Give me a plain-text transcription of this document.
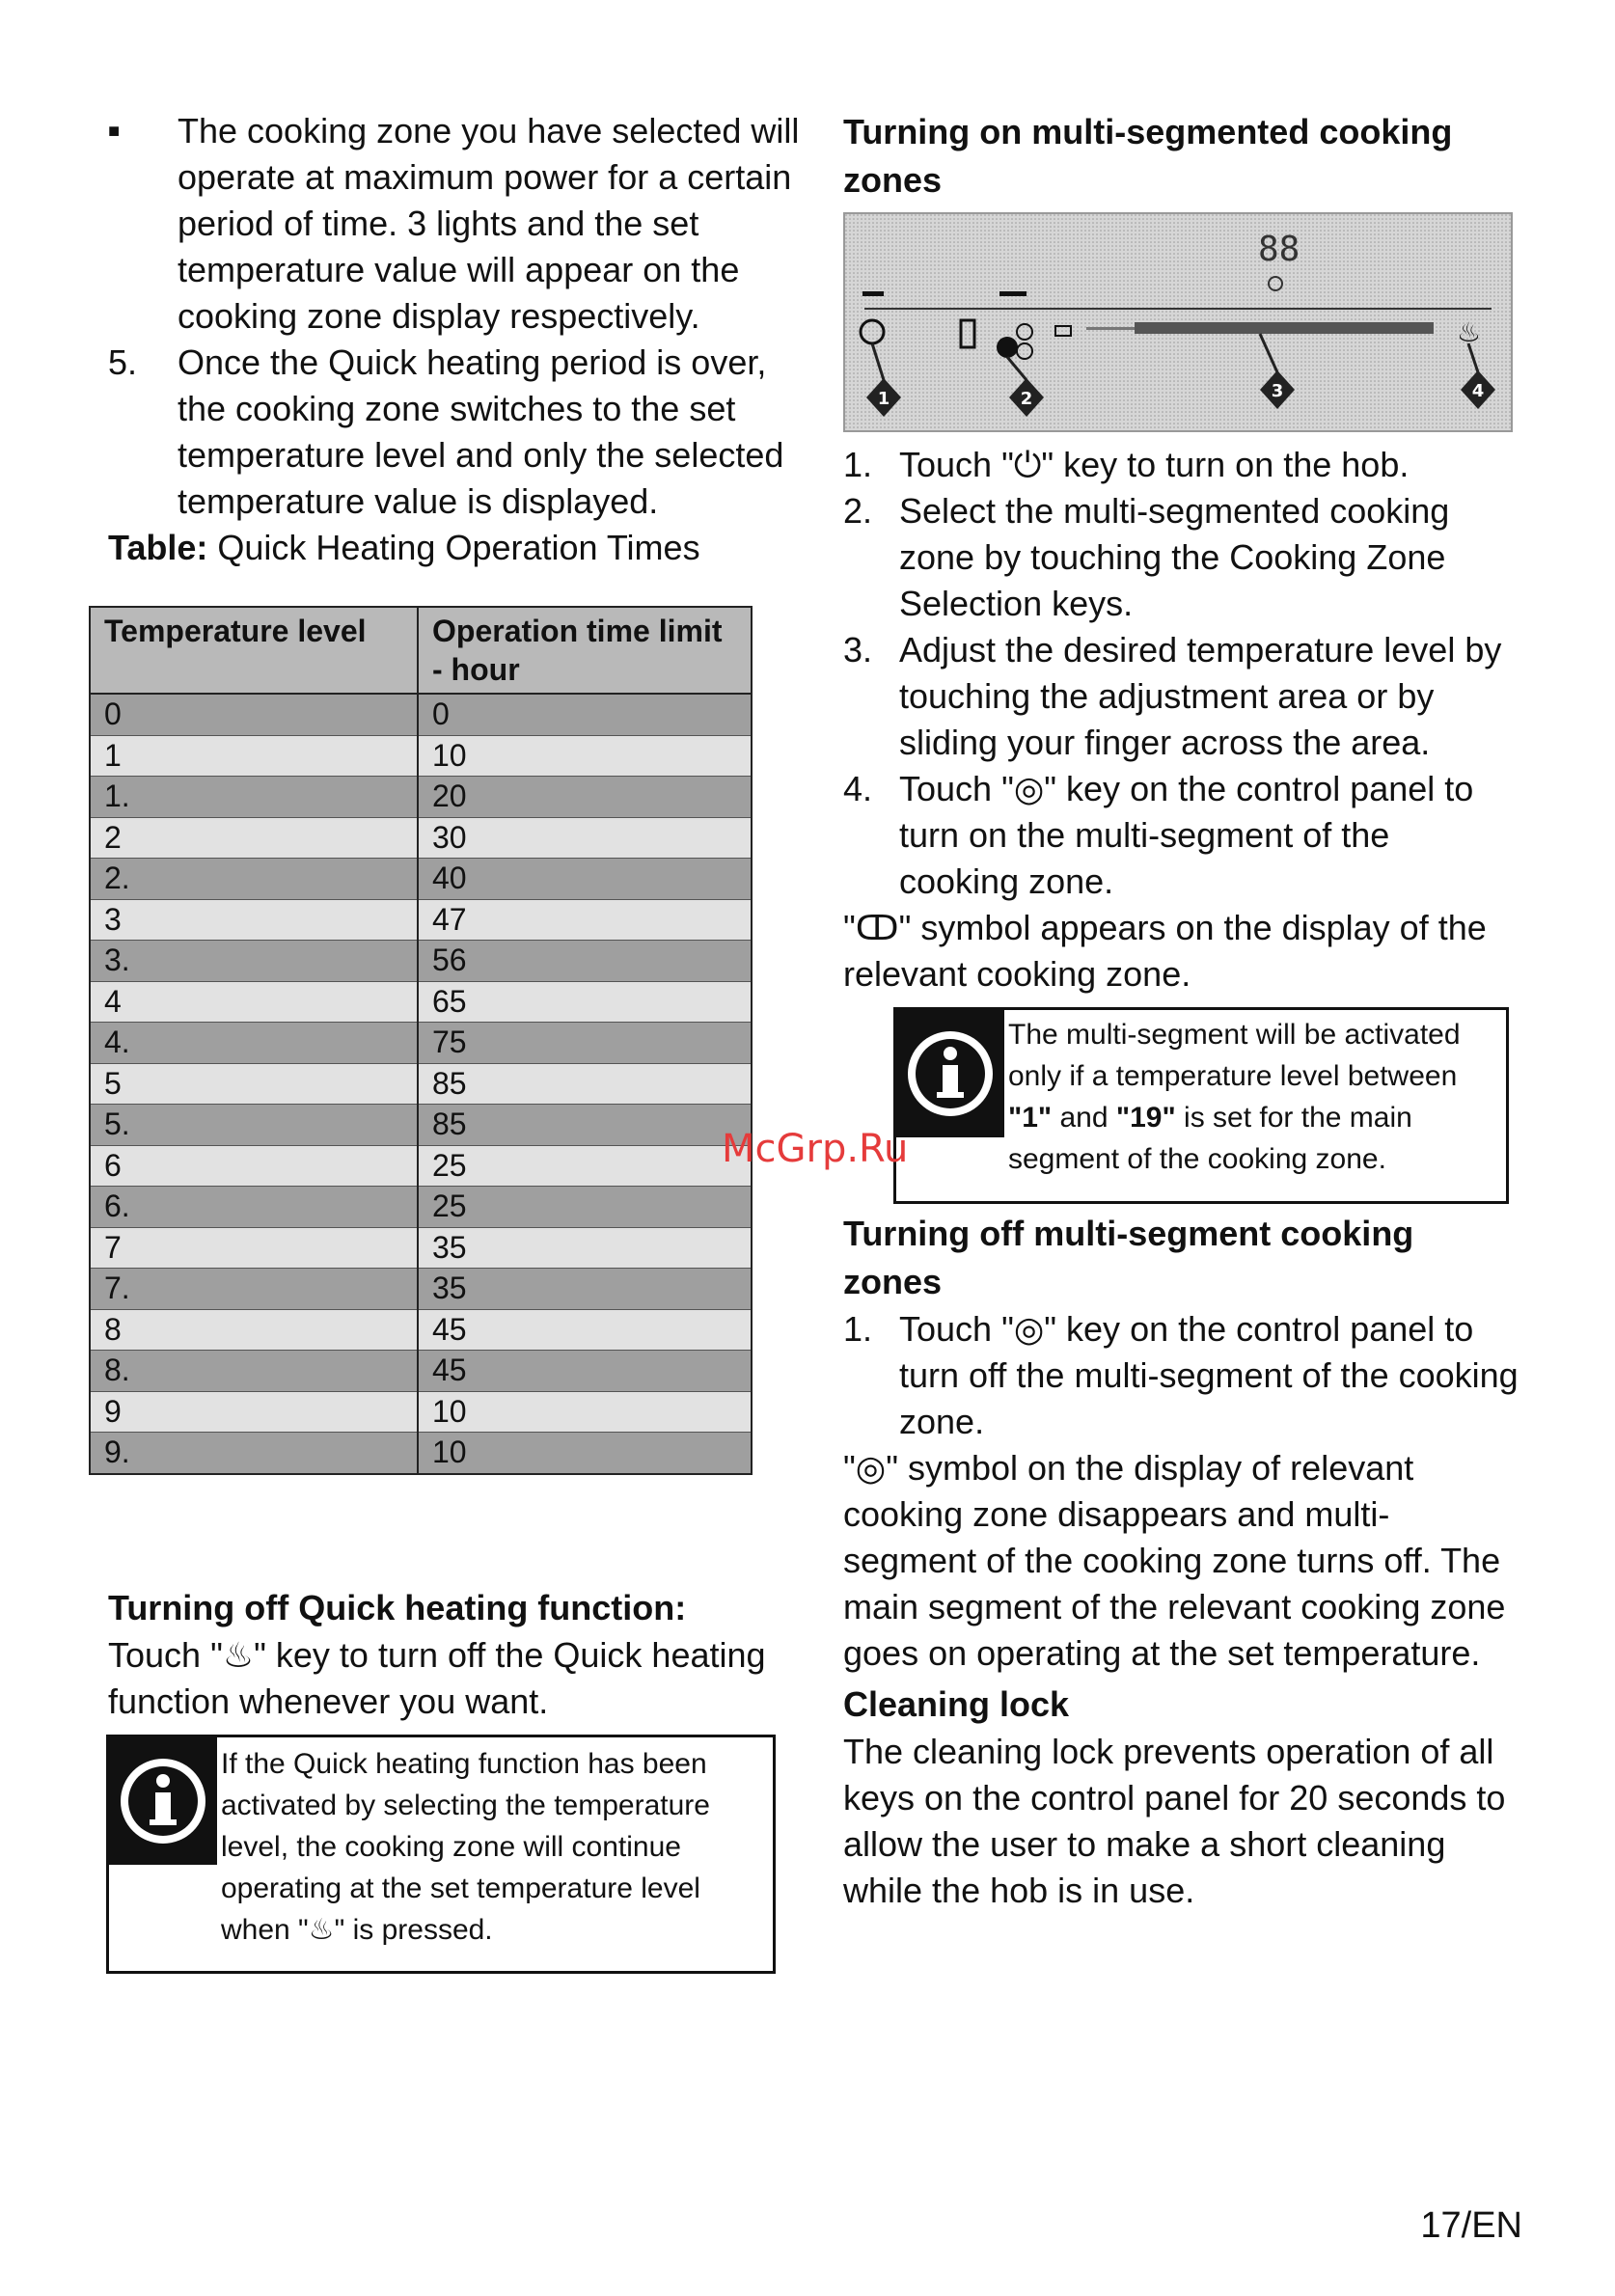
■ The cooking zone you have selected will operate at maximum power for a certain period of time. 3 lights and the set temperature value will appear on the cooking zone display respectively.
5. Once the Quick heating period is over, the cooking zone switches to the set temperature level and only the selected temperature value is displayed.

Table: Quick Heating Operation Times

Temperature level	Operation time limit - hour
0	0
1	10
1.	20
2	30
2.	40
3	47
3.	56
4	65
4.	75
5	85
5.	85
6	25
6.	25
7	35
7.	35
8	45
8.	45
9	10
9.	10

Turning off Quick heating function:

Touch "♨" key to turn off the Quick heating function whenever you want.

If the Quick heating function has been activated by selecting the temperature level, the cooking zone will continue operating at the set temperature level when "♨" is pressed.

Turning on multi-segmented cooking zones

88
♨
1	2	3	4
1. Touch "⏻" key to turn on the hob.
2. Select the multi-segmented cooking zone by touching the Cooking Zone Selection keys.
3. Adjust the desired temperature level by touching the adjustment area or by sliding your finger across the area.
4. Touch "◎" key on the control panel to turn on the multi-segment of the cooking zone.

"ↀ" symbol appears on the display of the relevant cooking zone.

The multi-segment will be activated only if a temperature level between "1" and "19" is set for the main segment of the cooking zone.

Turning off multi-segment cooking zones

1. Touch "◎" key on the control panel to turn off the multi-segment of the cooking zone.

"◎" symbol on the display of relevant cooking zone disappears and multi-segment of the cooking zone turns off. The main segment of the relevant cooking zone goes on operating at the set temperature.

Cleaning lock

The cleaning lock prevents operation of all keys on the control panel for 20 seconds to allow the user to make a short cleaning while the hob is in use.

McGrp.Ru
17/EN
